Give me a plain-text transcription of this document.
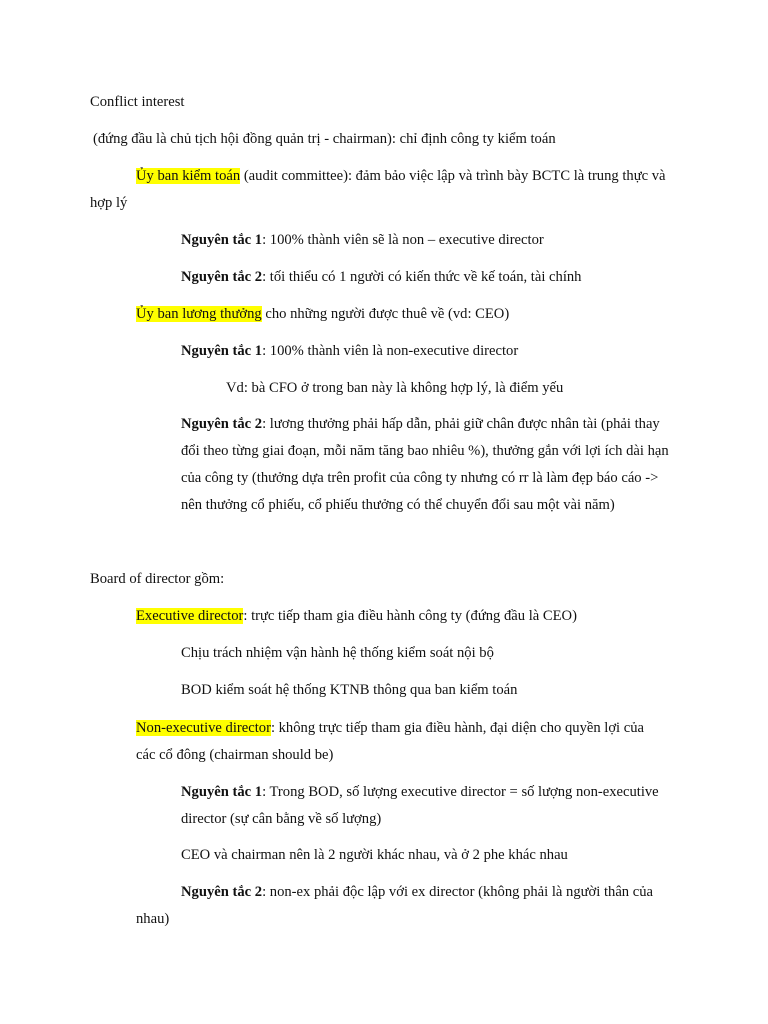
Conflict interest

(đứng đầu là chủ tịch hội đồng quản trị - chairman): chỉ định công ty kiểm toán

Ủy ban kiểm toán (audit committee): đảm bảo việc lập và trình bày BCTC là trung thực và hợp lý

Nguyên tắc 1: 100% thành viên sẽ là non – executive director

Nguyên tắc 2: tối thiểu có 1 người có kiến thức về kế toán, tài chính

Ủy ban lương thưởng cho những người được thuê về (vd: CEO)

Nguyên tắc 1: 100% thành viên là non-executive director

Vd: bà CFO ở trong ban này là không hợp lý, là điểm yếu

Nguyên tắc 2: lương thưởng phải hấp dẫn, phải giữ chân được nhân tài (phải thay đổi theo từng giai đoạn, mỗi năm tăng bao nhiêu %), thưởng gắn với lợi ích dài hạn của công ty (thưởng dựa trên profit của công ty nhưng có rr là làm đẹp báo cáo -> nên thưởng cổ phiếu, cổ phiếu thưởng có thể chuyển đổi sau một vài năm)

Board of director gồm:

Executive director: trực tiếp tham gia điều hành công ty (đứng đầu là CEO)

Chịu trách nhiệm vận hành hệ thống kiểm soát nội bộ

BOD kiểm soát hệ thống KTNB thông qua ban kiểm toán

Non-executive director: không trực tiếp tham gia điều hành, đại diện cho quyền lợi của các cổ đông (chairman should be)

Nguyên tắc 1: Trong BOD, số lượng executive director = số lượng non-executive director (sự cân bằng về số lượng)

CEO và chairman nên là 2 người khác nhau, và ở 2 phe khác nhau

Nguyên tắc 2: non-ex phải độc lập với ex director (không phải là người thân của nhau)
